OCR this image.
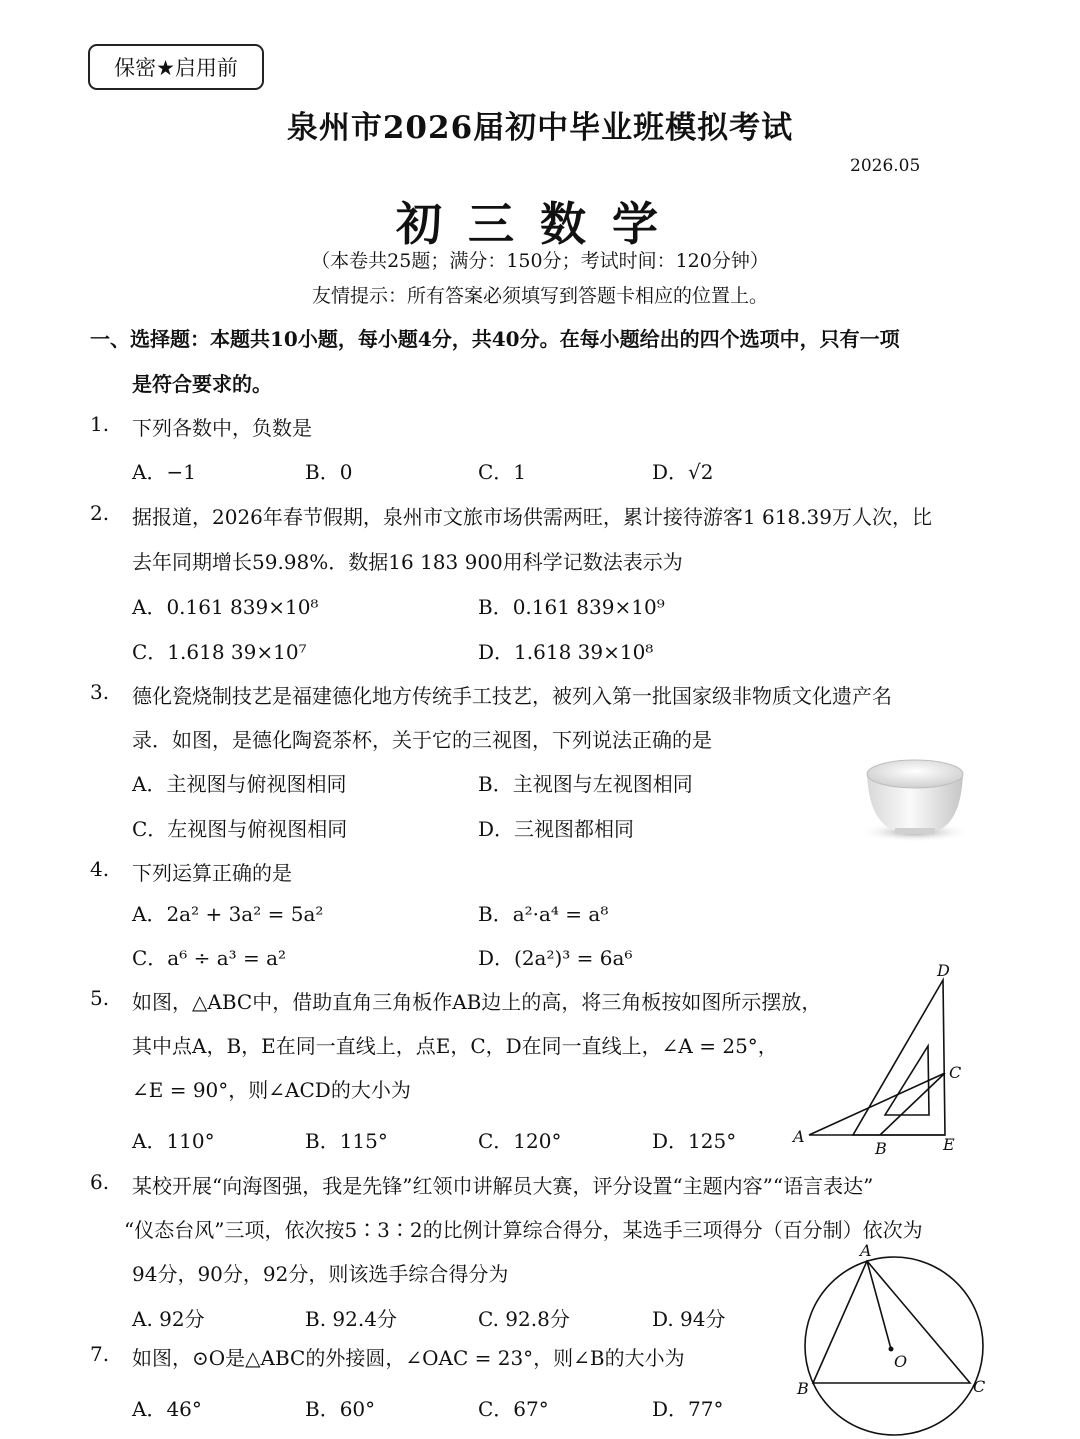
保密★启用前
泉州市2026届初中毕业班模拟考试
2026.05
初三数学
（本卷共25题；满分：150分；考试时间：120分钟）
友情提示：所有答案必须填写到答题卡相应的位置上。
一、选择题：本题共10小题，每小题4分，共40分。在每小题给出的四个选项中，只有一项
是符合要求的。
1. 下列各数中，负数是
A．−1	B．0	C．1	D．√2
2. 据报道，2026年春节假期，泉州市文旅市场供需两旺，累计接待游客1 618.39万人次，比
去年同期增长59.98%．数据16 183 900用科学记数法表示为
A．0.161 839×10⁸	B．0.161 839×10⁹
C．1.618 39×10⁷	D．1.618 39×10⁸
3. 德化瓷烧制技艺是福建德化地方传统手工技艺，被列入第一批国家级非物质文化遗产名
录．如图，是德化陶瓷茶杯，关于它的三视图，下列说法正确的是
A．主视图与俯视图相同	B．主视图与左视图相同
C．左视图与俯视图相同	D．三视图都相同
4. 下列运算正确的是
A．2a² + 3a² = 5a²	B．a²·a⁴ = a⁸
C．a⁶ ÷ a³ = a²	D．(2a²)³ = 6a⁶
5. 如图，△ABC中，借助直角三角板作AB边上的高，将三角板按如图所示摆放，
其中点A，B，E在同一直线上，点E，C，D在同一直线上，∠A = 25°，
∠E = 90°，则∠ACD的大小为
A．110°	B．115°	C．120°	D．125°
D
C
A
B	E
6. 某校开展“向海图强，我是先锋”红领巾讲解员大赛，评分设置“主题内容”“语言表达”
“仪态台风”三项，依次按5∶3∶2的比例计算综合得分，某选手三项得分（百分制）依次为
94分，90分，92分，则该选手综合得分为
A. 92分	B. 92.4分	C. 92.8分	D. 94分
7. 如图，⊙O是△ABC的外接圆，∠OAC = 23°，则∠B的大小为
A．46°	B．60°	C．67°	D．77°
A
O
B	C
